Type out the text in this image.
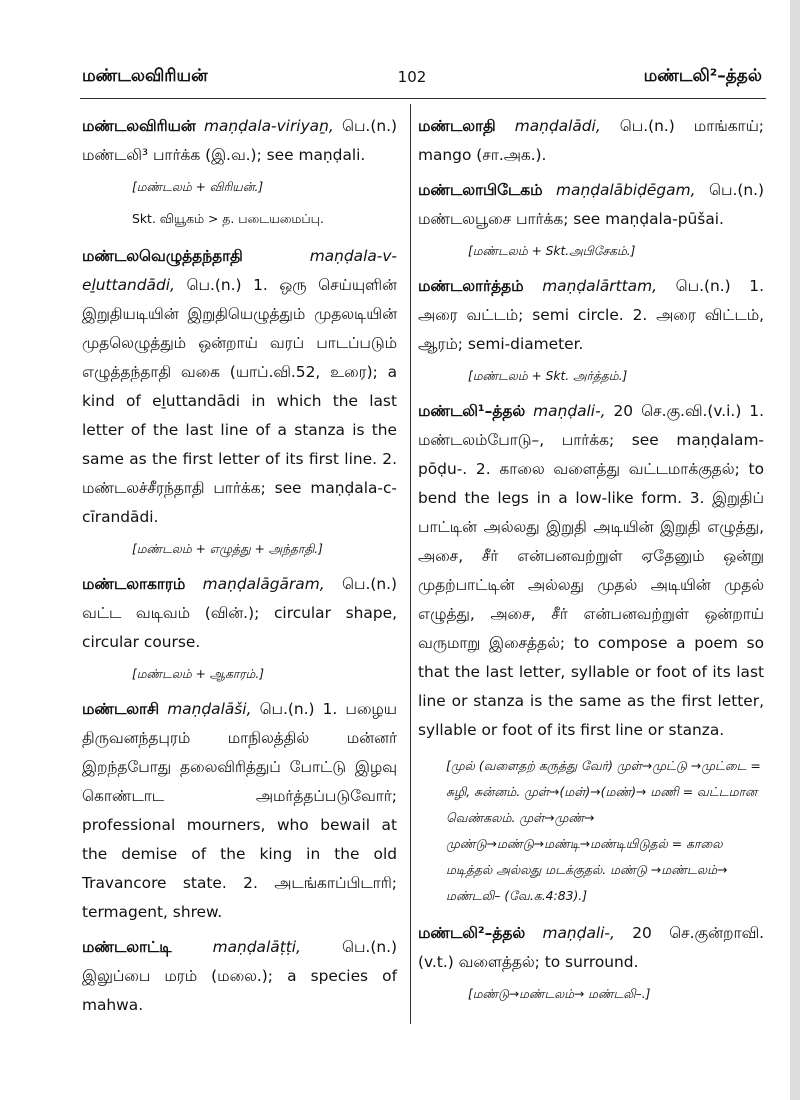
மண்டலவிரியன்	102	மண்டலி²–த்தல்
மண்டலவிரியன் maṇḍala-viriyaṉ, பெ.(n.) மண்டலி³ பார்க்க (இ.வ.); see maṇḍali.
[மண்டலம் + விரியன்.]
Skt. வியூகம் > த. படையமைப்பு.
மண்டலவெழுத்தந்தாதி	maṇḍala-v-eḻuttandādi, பெ.(n.) 1. ஒரு செய்யுளின் இறுதியடியின் இறுதியெழுத்தும் முதலடியின் முதலெழுத்தும் ஒன்றாய் வரப் பாடப்படும் எழுத்தந்தாதி வகை (யாப்.வி.52, உரை); a kind of eḻuttandādi in which the last letter of the last line of a stanza is the same as the first letter of its first line. 2. மண்டலச்சீரந்தாதி பார்க்க; see maṇḍala-c-cīrandādi.
[மண்டலம் + எழுத்து + அந்தாதி.]
மண்டலாகாரம் maṇḍalāgāram, பெ.(n.) வட்ட வடிவம் (வின்.); circular shape, circular course.
[மண்டலம் + ஆகாரம்.]
மண்டலாசி maṇḍalāši, பெ.(n.) 1. பழைய திருவனந்தபுரம் மாநிலத்தில் மன்னர் இறந்தபோது தலைவிரித்துப் போட்டு இழவு கொண்டாட அமர்த்தப்படுவோர்; professional mourners, who bewail at the demise of the king in the old Travancore state. 2. அடங்காப்பிடாரி; termagent, shrew.
மண்டலாட்டி	maṇḍalāṭṭi,	பெ.(n.) இலுப்பை மரம் (மலை.); a species of mahwa.
மண்டலாதி maṇḍalādi, பெ.(n.) மாங்காய்; mango (சா.அக.).
மண்டலாபிடேகம் maṇḍalābiḍēgam, பெ.(n.) மண்டலபூசை பார்க்க; see maṇḍala-pūšai.
[மண்டலம் + Skt.அபிசேகம்.]
மண்டலார்த்தம் maṇḍalārttam, பெ.(n.) 1. அரை வட்டம்; semi circle. 2. அரை விட்டம், ஆரம்; semi-diameter.
[மண்டலம் + Skt. அர்த்தம்.]
மண்டலி¹–த்தல் maṇḍali-, 20 செ.கு.வி.(v.i.) 1. மண்டலம்போடு–, பார்க்க; see maṇḍalam-pōḍu-. 2. காலை வளைத்து வட்டமாக்குதல்; to bend the legs in a low-like form. 3. இறுதிப் பாட்டின் அல்லது இறுதி அடியின் இறுதி எழுத்து, அசை, சீர் என்பனவற்றுள் ஏதேனும் ஒன்று முதற்பாட்டின் அல்லது முதல் அடியின் முதல் எழுத்து, அசை, சீர் என்பனவற்றுள் ஒன்றாய் வருமாறு இசைத்தல்; to compose a poem so that the last letter, syllable or foot of its last line or stanza is the same as the first letter, syllable or foot of its first line or stanza.
[முல் (வளைதற் கருத்து வேர்) முள்→முட்டு →முட்டை = சுழி, சுன்னம். முள்→(மள்)→(மண்)→ மணி = வட்டமான வெண்கலம். முள்→முண்→ முண்டு→மண்டு→மண்டி→மண்டியிடுதல் = காலை மடித்தல் அல்லது மடக்குதல். மண்டு →மண்டலம்→ மண்டலி– (வே.க.4:83).]
மண்டலி²–த்தல் maṇḍali-, 20 செ.குன்றாவி. (v.t.) வளைத்தல்; to surround.
[மண்டு→மண்டலம்→ மண்டலி–.]
